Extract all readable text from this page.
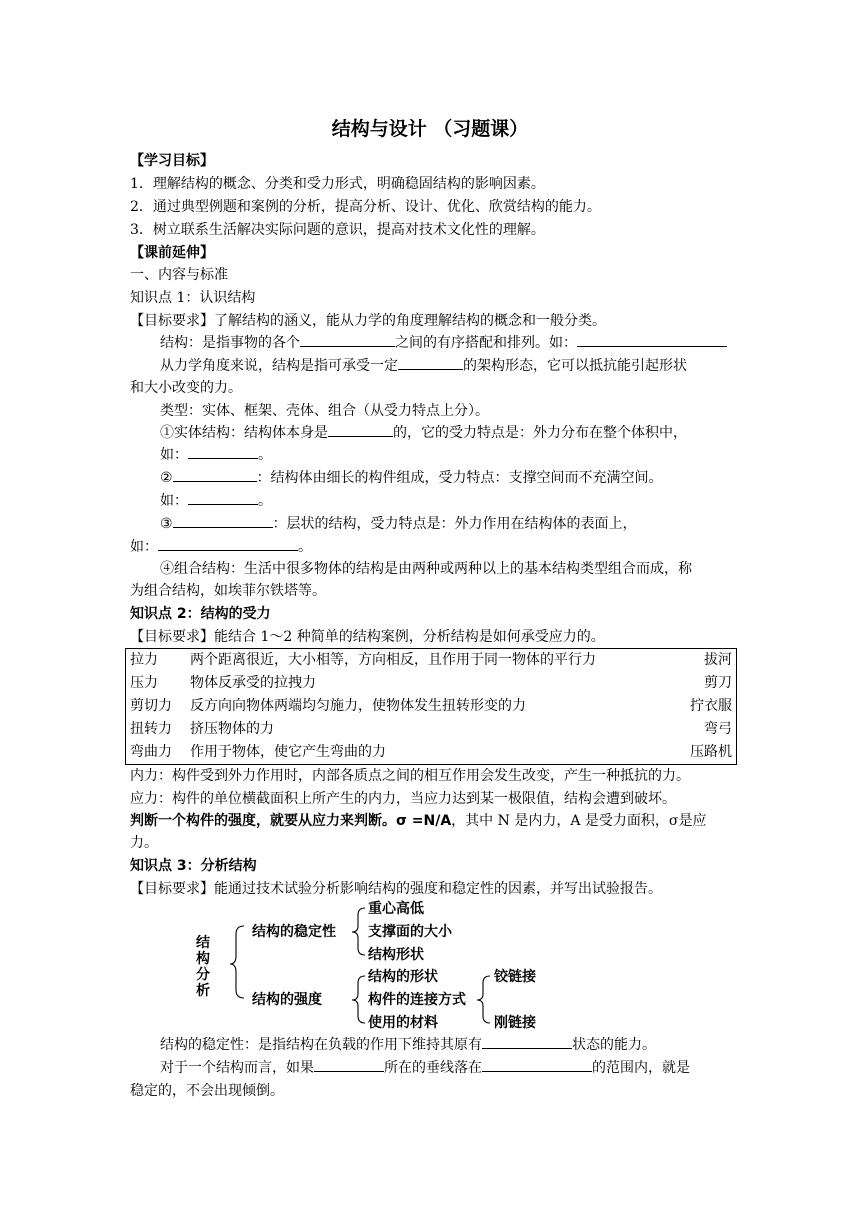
结构与设计 （习题课）
【学习目标】
1．理解结构的概念、分类和受力形式，明确稳固结构的影响因素。
2．通过典型例题和案例的分析，提高分析、设计、优化、欣赏结构的能力。
3．树立联系生活解决实际问题的意识，提高对技术文化性的理解。
【课前延伸】
一、内容与标准
知识点 1：认识结构
【目标要求】了解结构的涵义，能从力学的角度理解结构的概念和一般分类。
结构：是指事物的各个	之间的有序搭配和排列。如：
从力学角度来说，结构是指可承受一定	的架构形态，它可以抵抗能引起形状
和大小改变的力。
类型：实体、框架、壳体、组合（从受力特点上分）。
①实体结构：结构体本身是	的，它的受力特点是：外力分布在整个体积中，
如：	。
②	：结构体由细长的构件组成，受力特点：支撑空间而不充满空间。
如：	。
③	：层状的结构，受力特点是：外力作用在结构体的表面上，
如：	。
④组合结构：生活中很多物体的结构是由两种或两种以上的基本结构类型组合而成，称
为组合结构，如埃菲尔铁塔等。
知识点 2：结构的受力
【目标要求】能结合 1～2 种简单的结构案例，分析结构是如何承受应力的。
拉力	两个距离很近，大小相等，方向相反，且作用于同一物体的平行力	拔河
压力	物体反承受的拉拽力	剪刀
剪切力	反方向向物体两端均匀施力，使物体发生扭转形变的力	拧衣服
扭转力	挤压物体的力	弯弓
弯曲力	作用于物体，使它产生弯曲的力	压路机
内力：构件受到外力作用时，内部各质点之间的相互作用会发生改变，产生一种抵抗的力。
应力：构件的单位横截面积上所产生的内力，当应力达到某一极限值，结构会遭到破坏。
判断一个构件的强度，就要从应力来判断。σ =N/A，其中 N 是内力，A 是受力面积，σ是应
力。
知识点 3：分析结构
【目标要求】能通过技术试验分析影响结构的强度和稳定性的因素，并写出试验报告。
结
构
分
析
结构的稳定性
重心高低
支撑面的大小
结构形状
结构的强度
结构的形状
构件的连接方式
使用的材料
铰链接
刚链接
结构的稳定性：是指结构在负载的作用下维持其原有	状态的能力。
对于一个结构而言，如果	所在的垂线落在	的范围内，就是
稳定的，不会出现倾倒。
